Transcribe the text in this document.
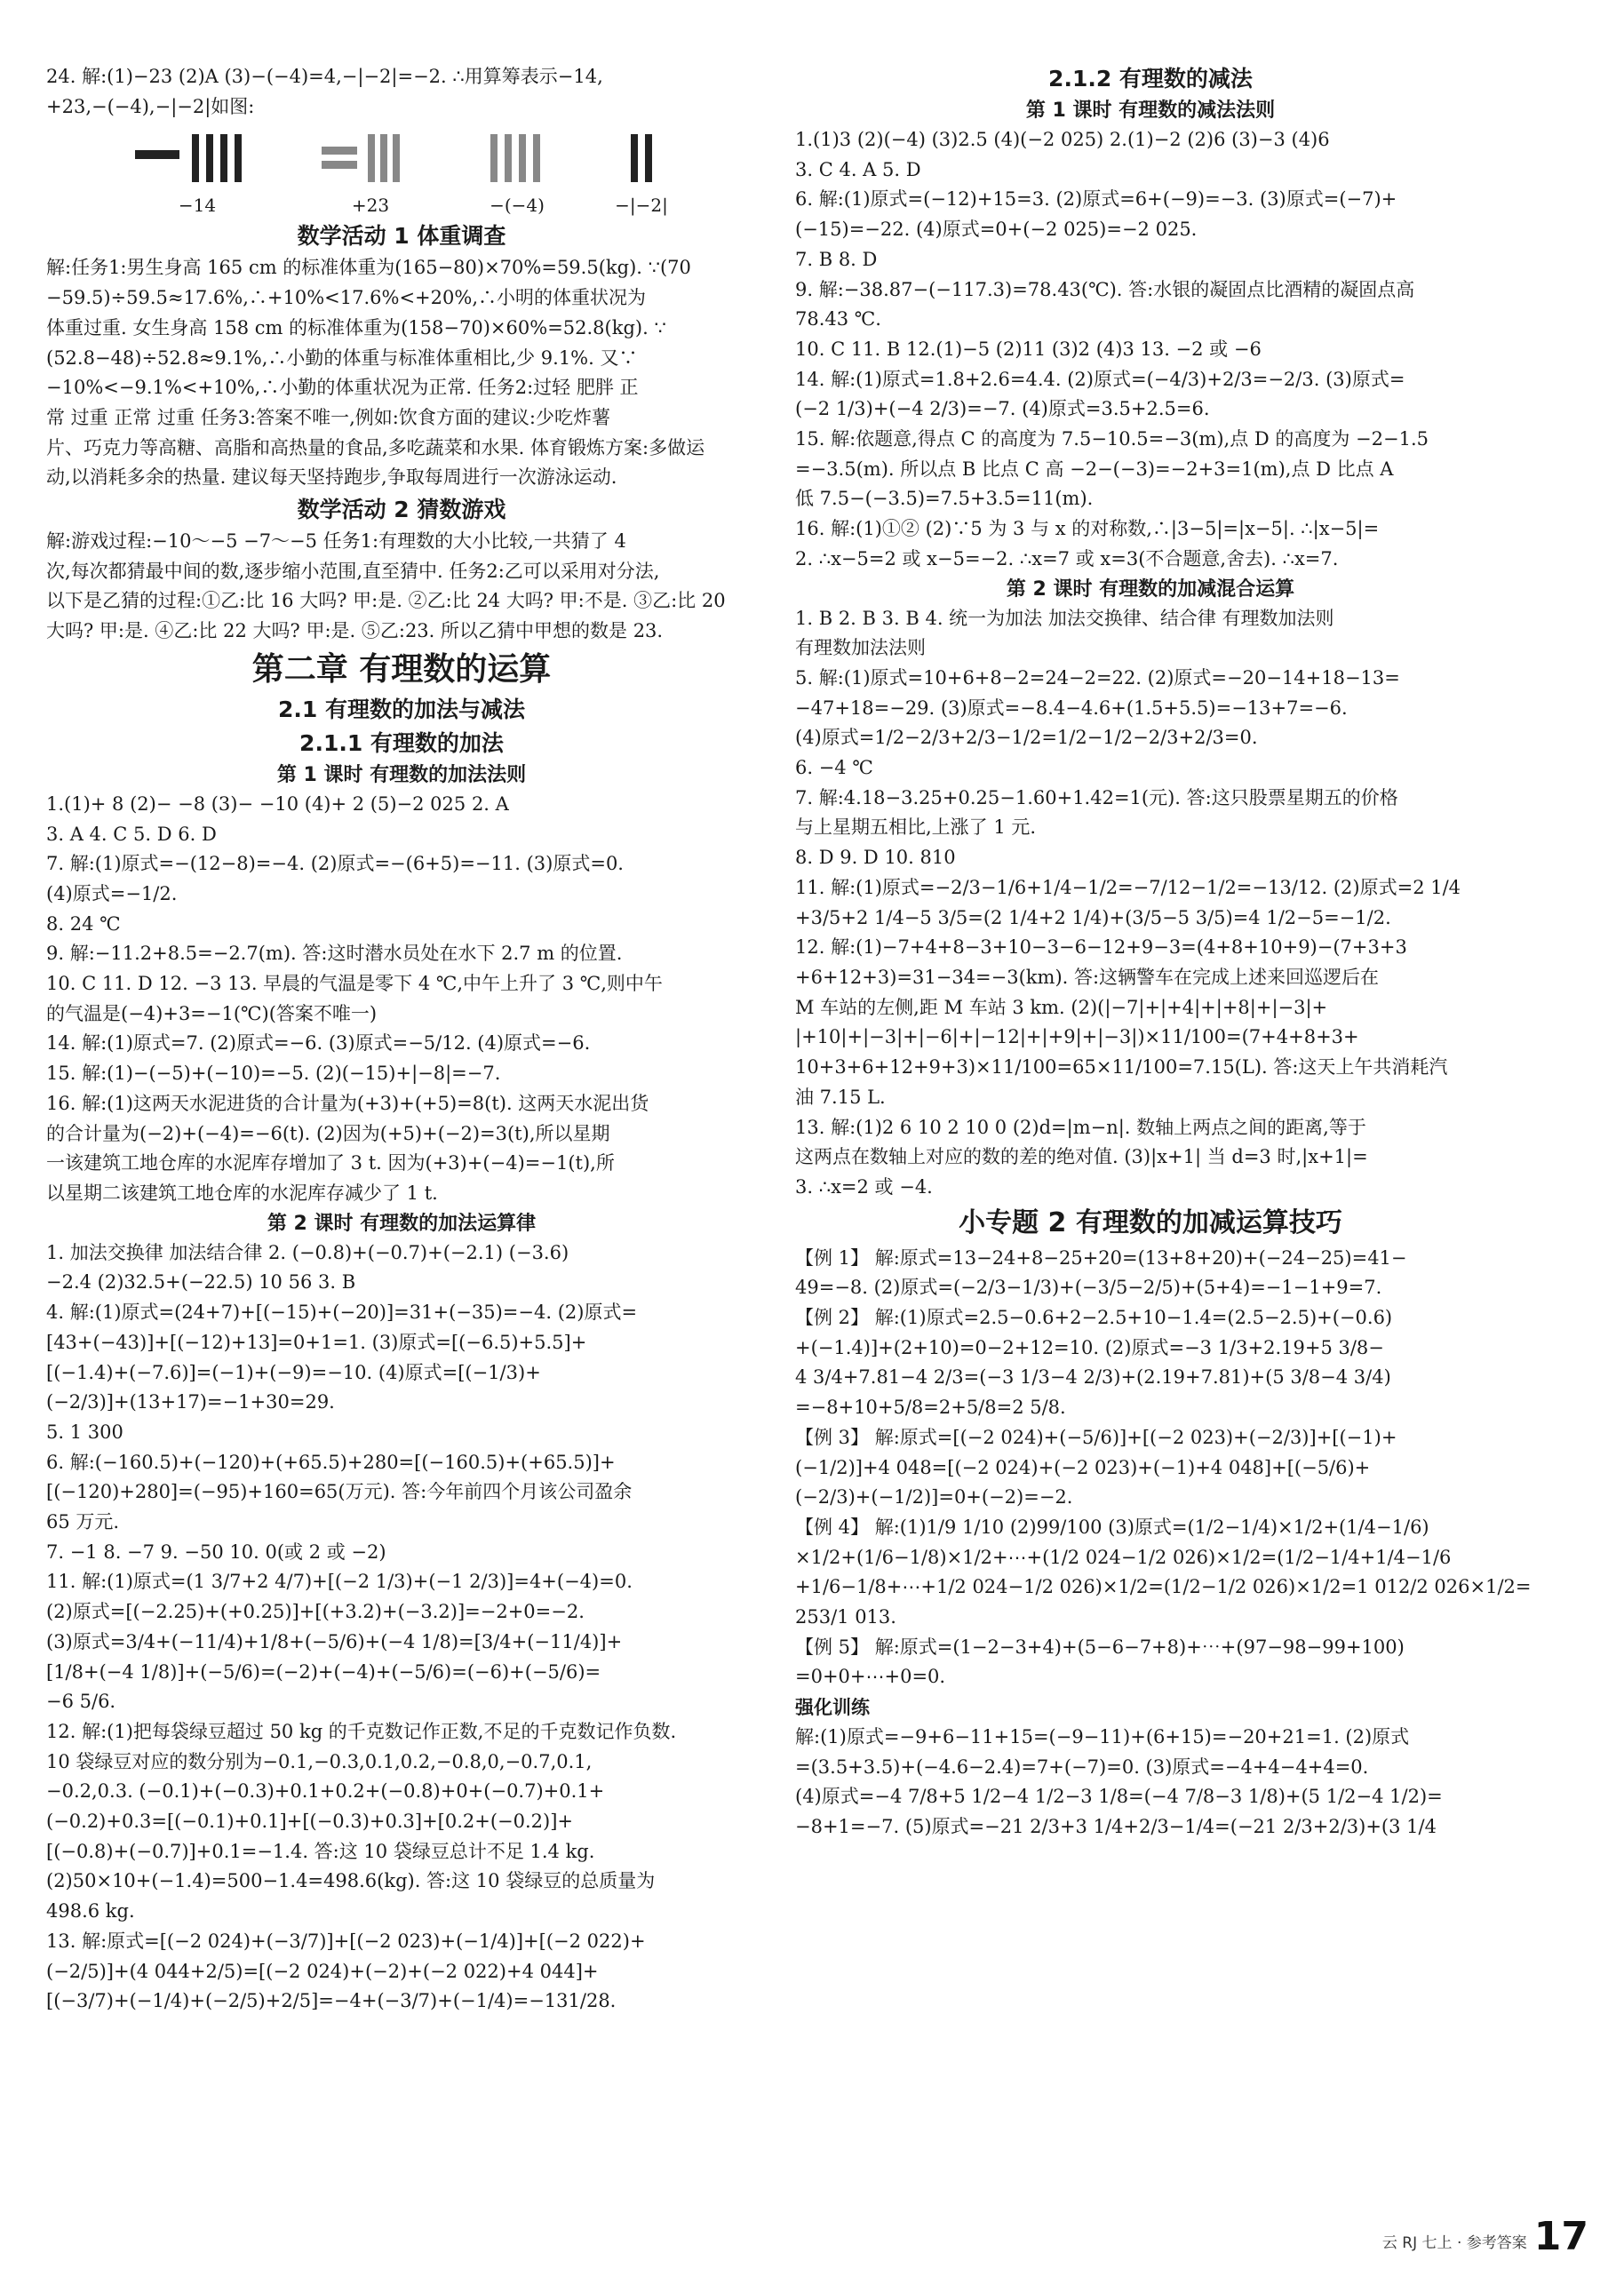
24. 解:(1)−23 (2)A (3)−(−4)=4,−|−2|=−2. ∴用算筹表示−14,
+23,−(−4),−|−2|如图:
−14	+23	−(−4)	−|−2|
数学活动 1 体重调查
解:任务1:男生身高 165 cm 的标准体重为(165−80)×70%=59.5(kg). ∵(70
−59.5)÷59.5≈17.6%,∴+10%<17.6%<+20%,∴小明的体重状况为
体重过重. 女生身高 158 cm 的标准体重为(158−70)×60%=52.8(kg). ∵
(52.8−48)÷52.8≈9.1%,∴小勤的体重与标准体重相比,少 9.1%. 又∵
−10%<−9.1%<+10%,∴小勤的体重状况为正常. 任务2:过轻 肥胖 正
常 过重 正常 过重 任务3:答案不唯一,例如:饮食方面的建议:少吃炸薯
片、巧克力等高糖、高脂和高热量的食品,多吃蔬菜和水果. 体育锻炼方案:多做运
动,以消耗多余的热量. 建议每天坚持跑步,争取每周进行一次游泳运动.
数学活动 2 猜数游戏
解:游戏过程:−10～−5 −7～−5 任务1:有理数的大小比较,一共猜了 4
次,每次都猜最中间的数,逐步缩小范围,直至猜中. 任务2:乙可以采用对分法,
以下是乙猜的过程:①乙:比 16 大吗? 甲:是. ②乙:比 24 大吗? 甲:不是. ③乙:比 20
大吗? 甲:是. ④乙:比 22 大吗? 甲:是. ⑤乙:23. 所以乙猜中甲想的数是 23.
第二章 有理数的运算
2.1 有理数的加法与减法
2.1.1 有理数的加法
第 1 课时 有理数的加法法则
1.(1)+ 8 (2)− −8 (3)− −10 (4)+ 2 (5)−2 025 2. A
3. A 4. C 5. D 6. D
7. 解:(1)原式=−(12−8)=−4. (2)原式=−(6+5)=−11. (3)原式=0.
(4)原式=−1/2.
8. 24 ℃
9. 解:−11.2+8.5=−2.7(m). 答:这时潜水员处在水下 2.7 m 的位置.
10. C 11. D 12. −3 13. 早晨的气温是零下 4 ℃,中午上升了 3 ℃,则中午
的气温是(−4)+3=−1(℃)(答案不唯一)
14. 解:(1)原式=7. (2)原式=−6. (3)原式=−5/12. (4)原式=−6.
15. 解:(1)−(−5)+(−10)=−5. (2)(−15)+|−8|=−7.
16. 解:(1)这两天水泥进货的合计量为(+3)+(+5)=8(t). 这两天水泥出货
的合计量为(−2)+(−4)=−6(t). (2)因为(+5)+(−2)=3(t),所以星期
一该建筑工地仓库的水泥库存增加了 3 t. 因为(+3)+(−4)=−1(t),所
以星期二该建筑工地仓库的水泥库存减少了 1 t.
第 2 课时 有理数的加法运算律
1. 加法交换律 加法结合律 2. (−0.8)+(−0.7)+(−2.1) (−3.6)
−2.4 (2)32.5+(−22.5) 10 56 3. B
4. 解:(1)原式=(24+7)+[(−15)+(−20)]=31+(−35)=−4. (2)原式=
[43+(−43)]+[(−12)+13]=0+1=1. (3)原式=[(−6.5)+5.5]+
[(−1.4)+(−7.6)]=(−1)+(−9)=−10. (4)原式=[(−1/3)+
(−2/3)]+(13+17)=−1+30=29.
5. 1 300
6. 解:(−160.5)+(−120)+(+65.5)+280=[(−160.5)+(+65.5)]+
[(−120)+280]=(−95)+160=65(万元). 答:今年前四个月该公司盈余
65 万元.
7. −1 8. −7 9. −50 10. 0(或 2 或 −2)
11. 解:(1)原式=(1 3/7+2 4/7)+[(−2 1/3)+(−1 2/3)]=4+(−4)=0.
(2)原式=[(−2.25)+(+0.25)]+[(+3.2)+(−3.2)]=−2+0=−2.
(3)原式=3/4+(−11/4)+1/8+(−5/6)+(−4 1/8)=[3/4+(−11/4)]+
[1/8+(−4 1/8)]+(−5/6)=(−2)+(−4)+(−5/6)=(−6)+(−5/6)=
−6 5/6.
12. 解:(1)把每袋绿豆超过 50 kg 的千克数记作正数,不足的千克数记作负数.
10 袋绿豆对应的数分别为−0.1,−0.3,0.1,0.2,−0.8,0,−0.7,0.1,
−0.2,0.3. (−0.1)+(−0.3)+0.1+0.2+(−0.8)+0+(−0.7)+0.1+
(−0.2)+0.3=[(−0.1)+0.1]+[(−0.3)+0.3]+[0.2+(−0.2)]+
[(−0.8)+(−0.7)]+0.1=−1.4. 答:这 10 袋绿豆总计不足 1.4 kg.
(2)50×10+(−1.4)=500−1.4=498.6(kg). 答:这 10 袋绿豆的总质量为
498.6 kg.
13. 解:原式=[(−2 024)+(−3/7)]+[(−2 023)+(−1/4)]+[(−2 022)+
(−2/5)]+(4 044+2/5)=[(−2 024)+(−2)+(−2 022)+4 044]+
[(−3/7)+(−1/4)+(−2/5)+2/5]=−4+(−3/7)+(−1/4)=−131/28.
2.1.2 有理数的减法
第 1 课时 有理数的减法法则
1.(1)3 (2)(−4) (3)2.5 (4)(−2 025) 2.(1)−2 (2)6 (3)−3 (4)6
3. C 4. A 5. D
6. 解:(1)原式=(−12)+15=3. (2)原式=6+(−9)=−3. (3)原式=(−7)+
(−15)=−22. (4)原式=0+(−2 025)=−2 025.
7. B 8. D
9. 解:−38.87−(−117.3)=78.43(℃). 答:水银的凝固点比酒精的凝固点高
78.43 ℃.
10. C 11. B 12.(1)−5 (2)11 (3)2 (4)3 13. −2 或 −6
14. 解:(1)原式=1.8+2.6=4.4. (2)原式=(−4/3)+2/3=−2/3. (3)原式=
(−2 1/3)+(−4 2/3)=−7. (4)原式=3.5+2.5=6.
15. 解:依题意,得点 C 的高度为 7.5−10.5=−3(m),点 D 的高度为 −2−1.5
=−3.5(m). 所以点 B 比点 C 高 −2−(−3)=−2+3=1(m),点 D 比点 A
低 7.5−(−3.5)=7.5+3.5=11(m).
16. 解:(1)①② (2)∵5 为 3 与 x 的对称数,∴|3−5|=|x−5|. ∴|x−5|=
2. ∴x−5=2 或 x−5=−2. ∴x=7 或 x=3(不合题意,舍去). ∴x=7.
第 2 课时 有理数的加减混合运算
1. B 2. B 3. B 4. 统一为加法 加法交换律、结合律 有理数加法则
有理数加法法则
5. 解:(1)原式=10+6+8−2=24−2=22. (2)原式=−20−14+18−13=
−47+18=−29. (3)原式=−8.4−4.6+(1.5+5.5)=−13+7=−6.
(4)原式=1/2−2/3+2/3−1/2=1/2−1/2−2/3+2/3=0.
6. −4 ℃
7. 解:4.18−3.25+0.25−1.60+1.42=1(元). 答:这只股票星期五的价格
与上星期五相比,上涨了 1 元.
8. D 9. D 10. 810
11. 解:(1)原式=−2/3−1/6+1/4−1/2=−7/12−1/2=−13/12. (2)原式=2 1/4
+3/5+2 1/4−5 3/5=(2 1/4+2 1/4)+(3/5−5 3/5)=4 1/2−5=−1/2.
12. 解:(1)−7+4+8−3+10−3−6−12+9−3=(4+8+10+9)−(7+3+3
+6+12+3)=31−34=−3(km). 答:这辆警车在完成上述来回巡逻后在
M 车站的左侧,距 M 车站 3 km. (2)(|−7|+|+4|+|+8|+|−3|+
|+10|+|−3|+|−6|+|−12|+|+9|+|−3|)×11/100=(7+4+8+3+
10+3+6+12+9+3)×11/100=65×11/100=7.15(L). 答:这天上午共消耗汽
油 7.15 L.
13. 解:(1)2 6 10 2 10 0 (2)d=|m−n|. 数轴上两点之间的距离,等于
这两点在数轴上对应的数的差的绝对值. (3)|x+1| 当 d=3 时,|x+1|=
3. ∴x=2 或 −4.
小专题 2 有理数的加减运算技巧
【例 1】 解:原式=13−24+8−25+20=(13+8+20)+(−24−25)=41−
49=−8. (2)原式=(−2/3−1/3)+(−3/5−2/5)+(5+4)=−1−1+9=7.
【例 2】 解:(1)原式=2.5−0.6+2−2.5+10−1.4=(2.5−2.5)+(−0.6)
+(−1.4)]+(2+10)=0−2+12=10. (2)原式=−3 1/3+2.19+5 3/8−
4 3/4+7.81−4 2/3=(−3 1/3−4 2/3)+(2.19+7.81)+(5 3/8−4 3/4)
=−8+10+5/8=2+5/8=2 5/8.
【例 3】 解:原式=[(−2 024)+(−5/6)]+[(−2 023)+(−2/3)]+[(−1)+
(−1/2)]+4 048=[(−2 024)+(−2 023)+(−1)+4 048]+[(−5/6)+
(−2/3)+(−1/2)]=0+(−2)=−2.
【例 4】 解:(1)1/9 1/10 (2)99/100 (3)原式=(1/2−1/4)×1/2+(1/4−1/6)
×1/2+(1/6−1/8)×1/2+⋯+(1/2 024−1/2 026)×1/2=(1/2−1/4+1/4−1/6
+1/6−1/8+⋯+1/2 024−1/2 026)×1/2=(1/2−1/2 026)×1/2=1 012/2 026×1/2=
253/1 013.
【例 5】 解:原式=(1−2−3+4)+(5−6−7+8)+⋯+(97−98−99+100)
=0+0+⋯+0=0.
强化训练
解:(1)原式=−9+6−11+15=(−9−11)+(6+15)=−20+21=1. (2)原式
=(3.5+3.5)+(−4.6−2.4)=7+(−7)=0. (3)原式=−4+4−4+4=0.
(4)原式=−4 7/8+5 1/2−4 1/2−3 1/8=(−4 7/8−3 1/8)+(5 1/2−4 1/2)=
−8+1=−7. (5)原式=−21 2/3+3 1/4+2/3−1/4=(−21 2/3+2/3)+(3 1/4
云 RJ 七上 · 参考答案 17
